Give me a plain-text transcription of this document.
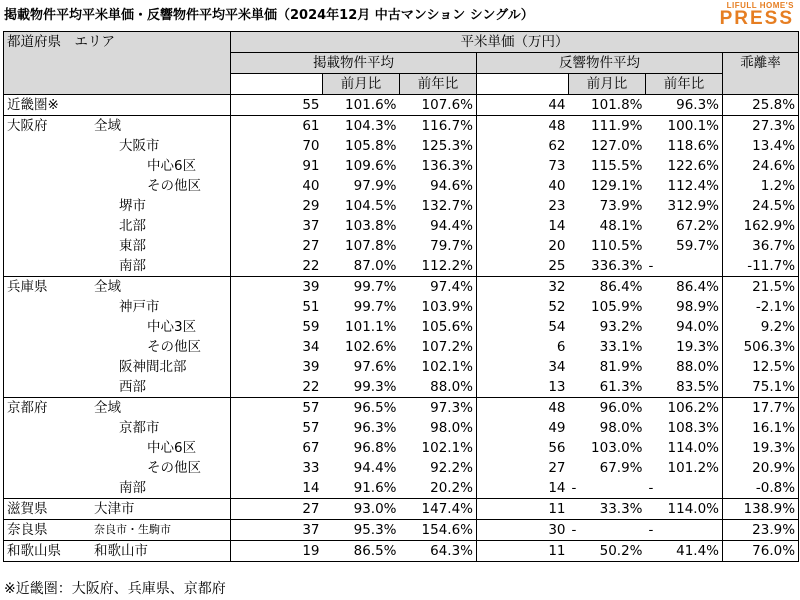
掲載物件平均平米単価・反響物件平均平米単価（2024年12月 中古マンション シングル）
LIFULL HOME'S
PRESS
都道府県　エリア	平米単価（万円）						
	掲載物件平均			反響物件平均			乖離率
		前月比	前年比		前月比	前年比	
近畿圏※	55	101.6%	107.6%	44	101.8%	96.3%	25.8%
大阪府 全域	61	104.3%	116.7%	48	111.9%	100.1%	27.3%

大阪市	70	105.8%	125.3%	62	127.0%	118.6%	13.4%

中心6区	91	109.6%	136.3%	73	115.5%	122.6%	24.6%

その他区	40	97.9%	94.6%	40	129.1%	112.4%	1.2%

堺市	29	104.5%	132.7%	23	73.9%	312.9%	24.5%

北部	37	103.8%	94.4%	14	48.1%	67.2%	162.9%

東部	27	107.8%	79.7%	20	110.5%	59.7%	36.7%

南部	22	87.0%	112.2%	25	336.3%	-	-11.7%
兵庫県 全域	39	99.7%	97.4%	32	86.4%	86.4%	21.5%

神戸市	51	99.7%	103.9%	52	105.9%	98.9%	-2.1%

中心3区	59	101.1%	105.6%	54	93.2%	94.0%	9.2%

その他区	34	102.6%	107.2%	6	33.1%	19.3%	506.3%

阪神間北部	39	97.6%	102.1%	34	81.9%	88.0%	12.5%

西部	22	99.3%	88.0%	13	61.3%	83.5%	75.1%
京都府 全域	57	96.5%	97.3%	48	96.0%	106.2%	17.7%

京都市	57	96.3%	98.0%	49	98.0%	108.3%	16.1%

中心6区	67	96.8%	102.1%	56	103.0%	114.0%	19.3%

その他区	33	94.4%	92.2%	27	67.9%	101.2%	20.9%

南部	14	91.6%	20.2%	14	-	-	-0.8%
滋賀県 大津市	27	93.0%	147.4%	11	33.3%	114.0%	138.9%
奈良県 奈良市・生駒市	37	95.3%	154.6%	30	-	-	23.9%
和歌山県 和歌山市	19	86.5%	64.3%	11	50.2%	41.4%	76.0%
※近畿圏：大阪府、兵庫県、京都府
